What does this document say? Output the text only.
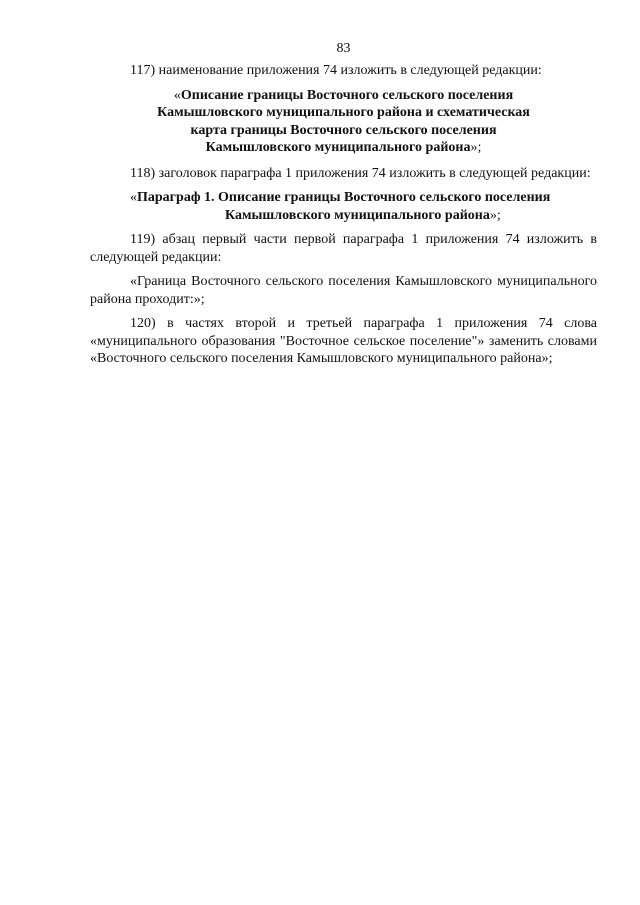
83

117) наименование приложения 74 изложить в следующей редакции:

«Описание границы Восточного сельского поселения
Камышловского муниципального района и схематическая
карта границы Восточного сельского поселения
Камышловского муниципального района»;

118) заголовок параграфа 1 приложения 74 изложить в следующей редакции:

«Параграф 1. Описание границы Восточного сельского поселения
Камышловского муниципального района»;

119) абзац первый части первой параграфа 1 приложения 74 изложить в следующей редакции:

«Граница Восточного сельского поселения Камышловского муниципального района проходит:»;

120) в частях второй и третьей параграфа 1 приложения 74 слова «муниципального образования "Восточное сельское поселение"» заменить словами «Восточного сельского поселения Камышловского муниципального района»;
